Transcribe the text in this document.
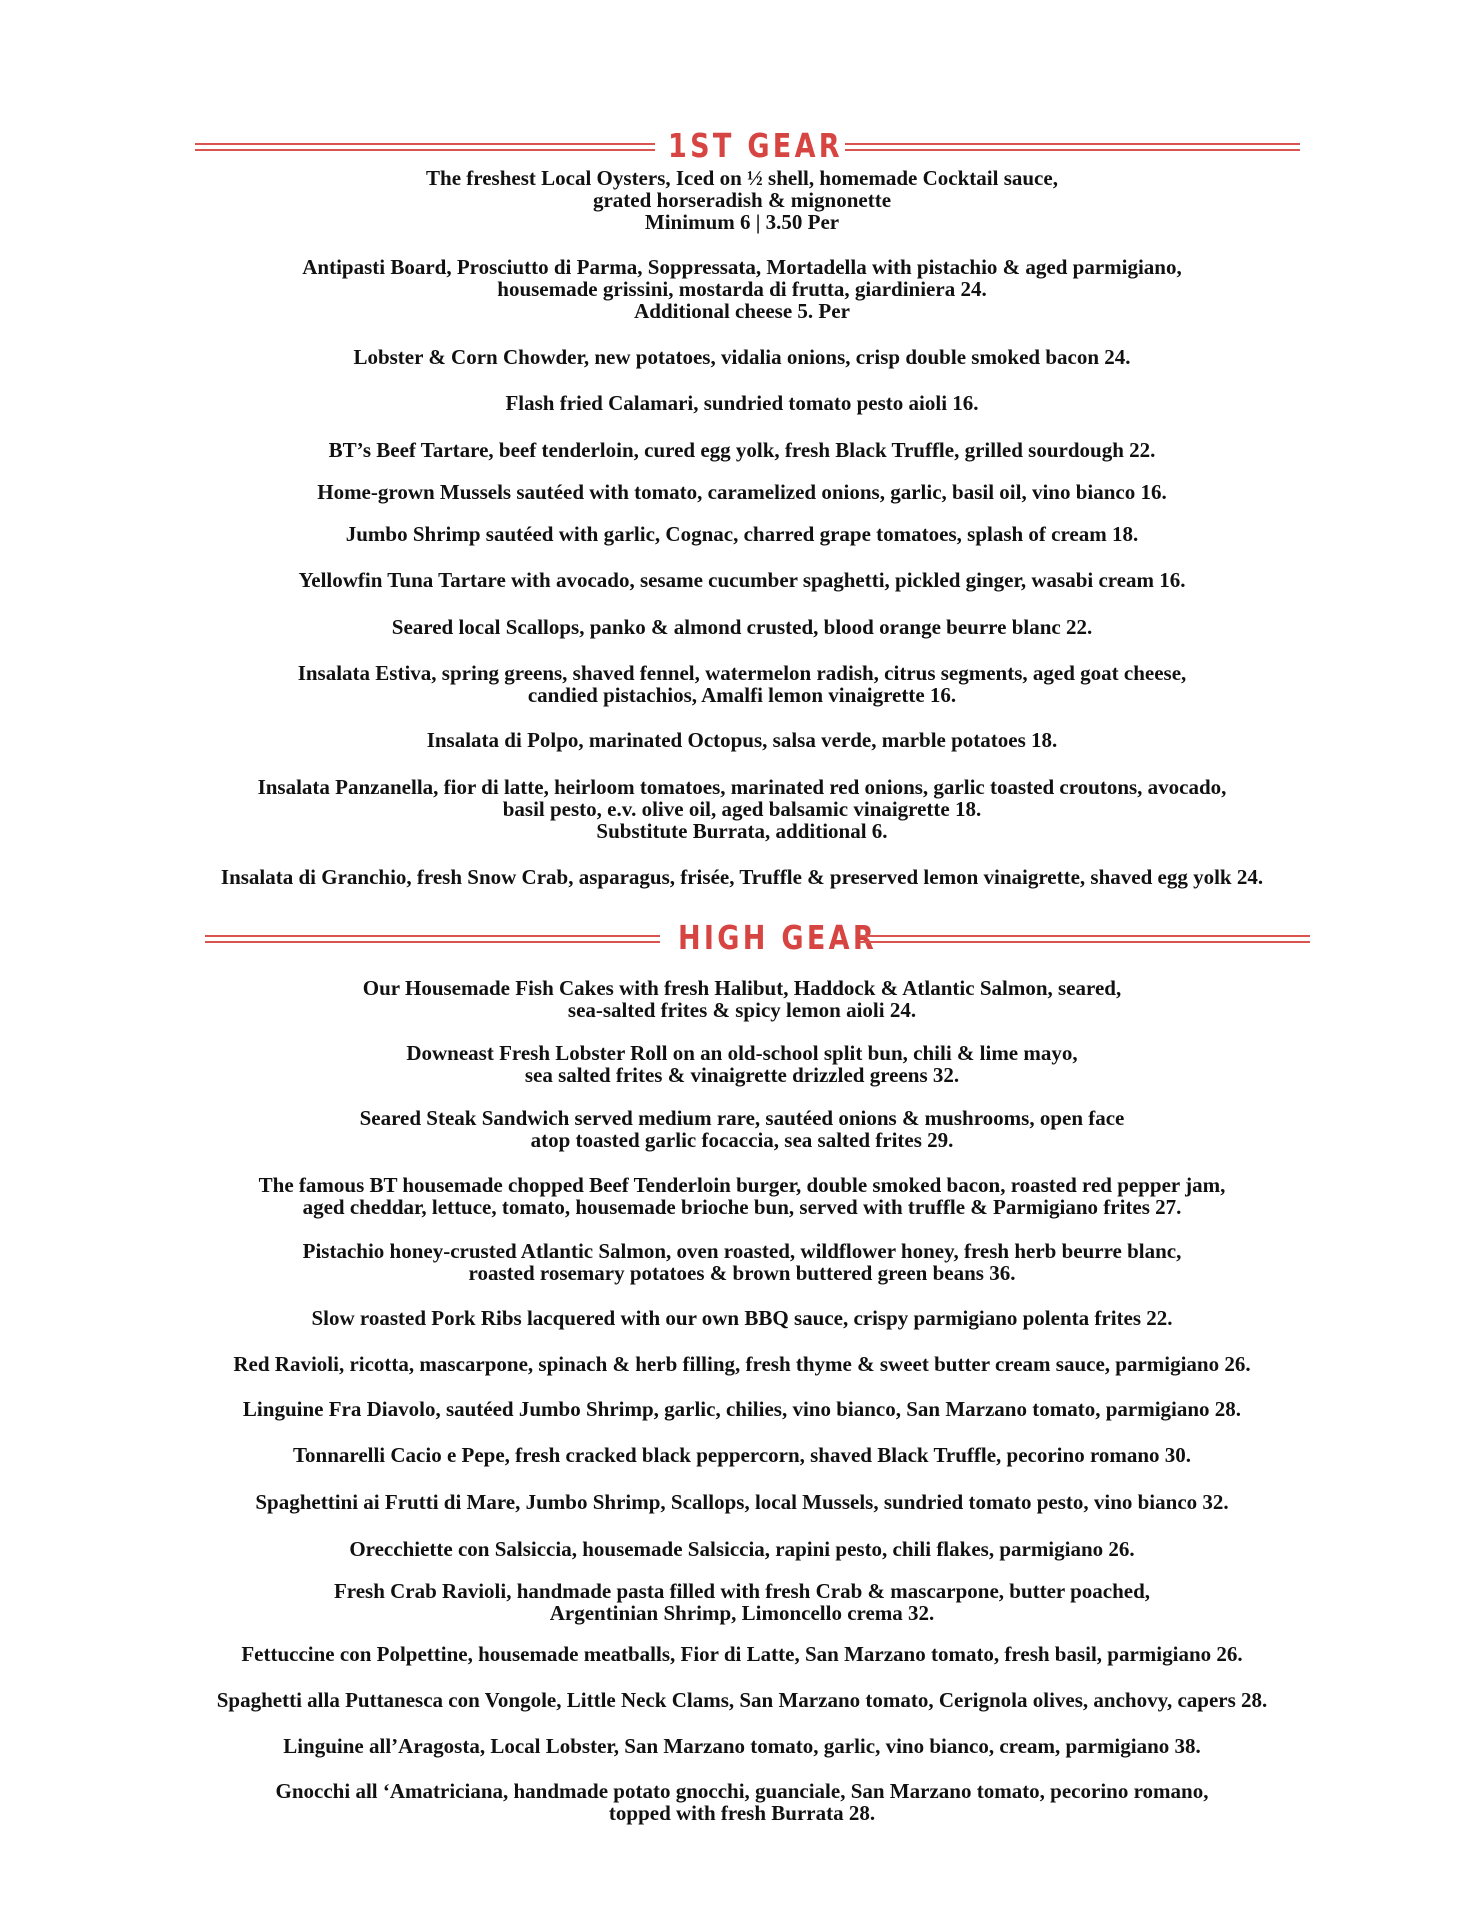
1ST GEAR
The freshest Local Oysters, Iced on ½ shell, homemade Cocktail sauce,
grated horseradish & mignonette
Minimum 6 | 3.50 Per
Antipasti Board, Prosciutto di Parma, Soppressata, Mortadella with pistachio & aged parmigiano,
housemade grissini, mostarda di frutta, giardiniera 24.
Additional cheese 5. Per
Lobster & Corn Chowder, new potatoes, vidalia onions, crisp double smoked bacon 24.
Flash fried Calamari, sundried tomato pesto aioli 16.
BT’s Beef Tartare, beef tenderloin, cured egg yolk, fresh Black Truffle, grilled sourdough 22.
Home-grown Mussels sautéed with tomato, caramelized onions, garlic, basil oil, vino bianco 16.
Jumbo Shrimp sautéed with garlic, Cognac, charred grape tomatoes, splash of cream 18.
Yellowfin Tuna Tartare with avocado, sesame cucumber spaghetti, pickled ginger, wasabi cream 16.
Seared local Scallops, panko & almond crusted, blood orange beurre blanc 22.
Insalata Estiva, spring greens, shaved fennel, watermelon radish, citrus segments, aged goat cheese,
candied pistachios, Amalfi lemon vinaigrette 16.
Insalata di Polpo, marinated Octopus, salsa verde, marble potatoes 18.
Insalata Panzanella, fior di latte, heirloom tomatoes, marinated red onions, garlic toasted croutons, avocado,
basil pesto, e.v. olive oil, aged balsamic vinaigrette 18.
Substitute Burrata, additional 6.
Insalata di Granchio, fresh Snow Crab, asparagus, frisée, Truffle & preserved lemon vinaigrette, shaved egg yolk 24.
HIGH GEAR
Our Housemade Fish Cakes with fresh Halibut, Haddock & Atlantic Salmon, seared,
sea-salted frites & spicy lemon aioli 24.
Downeast Fresh Lobster Roll on an old-school split bun, chili & lime mayo,
sea salted frites & vinaigrette drizzled greens 32.
Seared Steak Sandwich served medium rare, sautéed onions & mushrooms, open face
atop toasted garlic focaccia, sea salted frites 29.
The famous BT housemade chopped Beef Tenderloin burger, double smoked bacon, roasted red pepper jam,
aged cheddar, lettuce, tomato, housemade brioche bun, served with truffle & Parmigiano frites 27.
Pistachio honey-crusted Atlantic Salmon, oven roasted, wildflower honey, fresh herb beurre blanc,
roasted rosemary potatoes & brown buttered green beans 36.
Slow roasted Pork Ribs lacquered with our own BBQ sauce, crispy parmigiano polenta frites 22.
Red Ravioli, ricotta, mascarpone, spinach & herb filling, fresh thyme & sweet butter cream sauce, parmigiano 26.
Linguine Fra Diavolo, sautéed Jumbo Shrimp, garlic, chilies, vino bianco, San Marzano tomato, parmigiano 28.
Tonnarelli Cacio e Pepe, fresh cracked black peppercorn, shaved Black Truffle, pecorino romano 30.
Spaghettini ai Frutti di Mare, Jumbo Shrimp, Scallops, local Mussels, sundried tomato pesto, vino bianco 32.
Orecchiette con Salsiccia, housemade Salsiccia, rapini pesto, chili flakes, parmigiano 26.
Fresh Crab Ravioli, handmade pasta filled with fresh Crab & mascarpone, butter poached,
Argentinian Shrimp, Limoncello crema 32.
Fettuccine con Polpettine, housemade meatballs, Fior di Latte, San Marzano tomato, fresh basil, parmigiano 26.
Spaghetti alla Puttanesca con Vongole, Little Neck Clams, San Marzano tomato, Cerignola olives, anchovy, capers 28.
Linguine all’Aragosta, Local Lobster, San Marzano tomato, garlic, vino bianco, cream, parmigiano 38.
Gnocchi all ‘Amatriciana, handmade potato gnocchi, guanciale, San Marzano tomato, pecorino romano,
topped with fresh Burrata 28.
